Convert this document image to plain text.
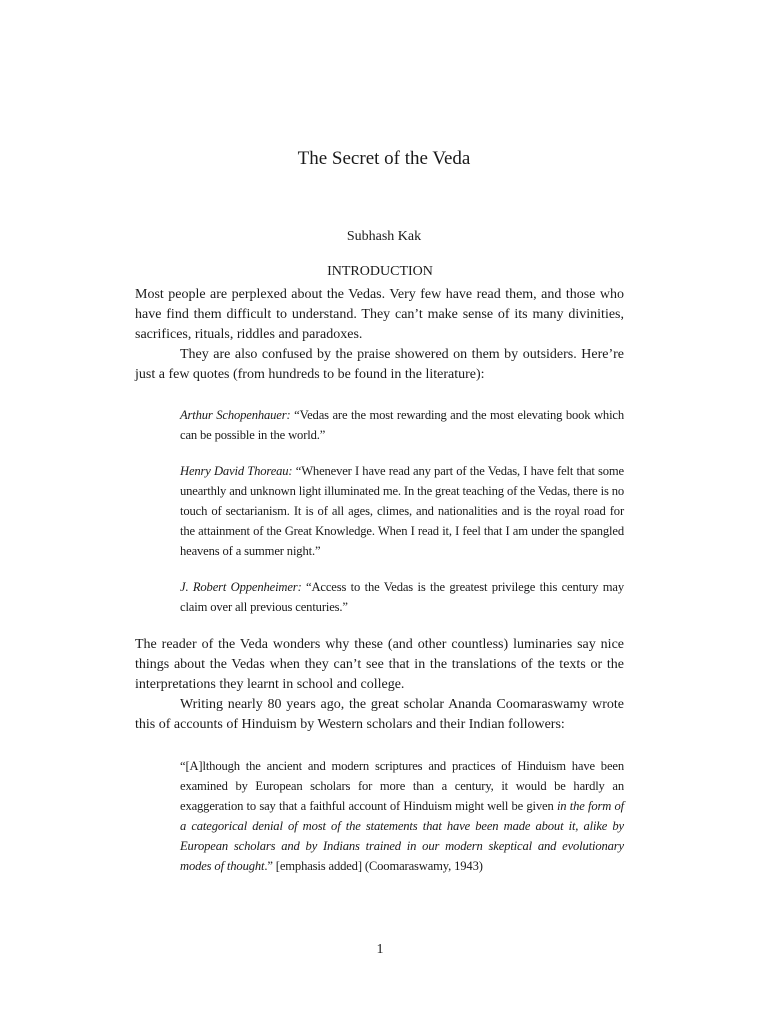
The Secret of the Veda
Subhash Kak
INTRODUCTION

Most people are perplexed about the Vedas. Very few have read them, and those who have find them difficult to understand. They can’t make sense of its many divinities, sacrifices, rituals, riddles and paradoxes.

They are also confused by the praise showered on them by outsiders. Here’re just a few quotes (from hundreds to be found in the literature):

Arthur Schopenhauer: “Vedas are the most rewarding and the most elevating book which can be possible in the world.”

Henry David Thoreau: “Whenever I have read any part of the Vedas, I have felt that some unearthly and unknown light illuminated me. In the great teaching of the Vedas, there is no touch of sectarianism. It is of all ages, climes, and nationalities and is the royal road for the attainment of the Great Knowledge. When I read it, I feel that I am under the spangled heavens of a summer night.”

J. Robert Oppenheimer: “Access to the Vedas is the greatest privilege this century may claim over all previous centuries.”

The reader of the Veda wonders why these (and other countless) luminaries say nice things about the Vedas when they can’t see that in the translations of the texts or the interpretations they learnt in school and college.

Writing nearly 80 years ago, the great scholar Ananda Coomaraswamy wrote this of accounts of Hinduism by Western scholars and their Indian followers:

“[A]lthough the ancient and modern scriptures and practices of Hinduism have been examined by European scholars for more than a century, it would be hardly an exaggeration to say that a faithful account of Hinduism might well be given in the form of a categorical denial of most of the statements that have been made about it, alike by European scholars and by Indians trained in our modern skeptical and evolutionary modes of thought.” [emphasis added] (Coomaraswamy, 1943)
1
